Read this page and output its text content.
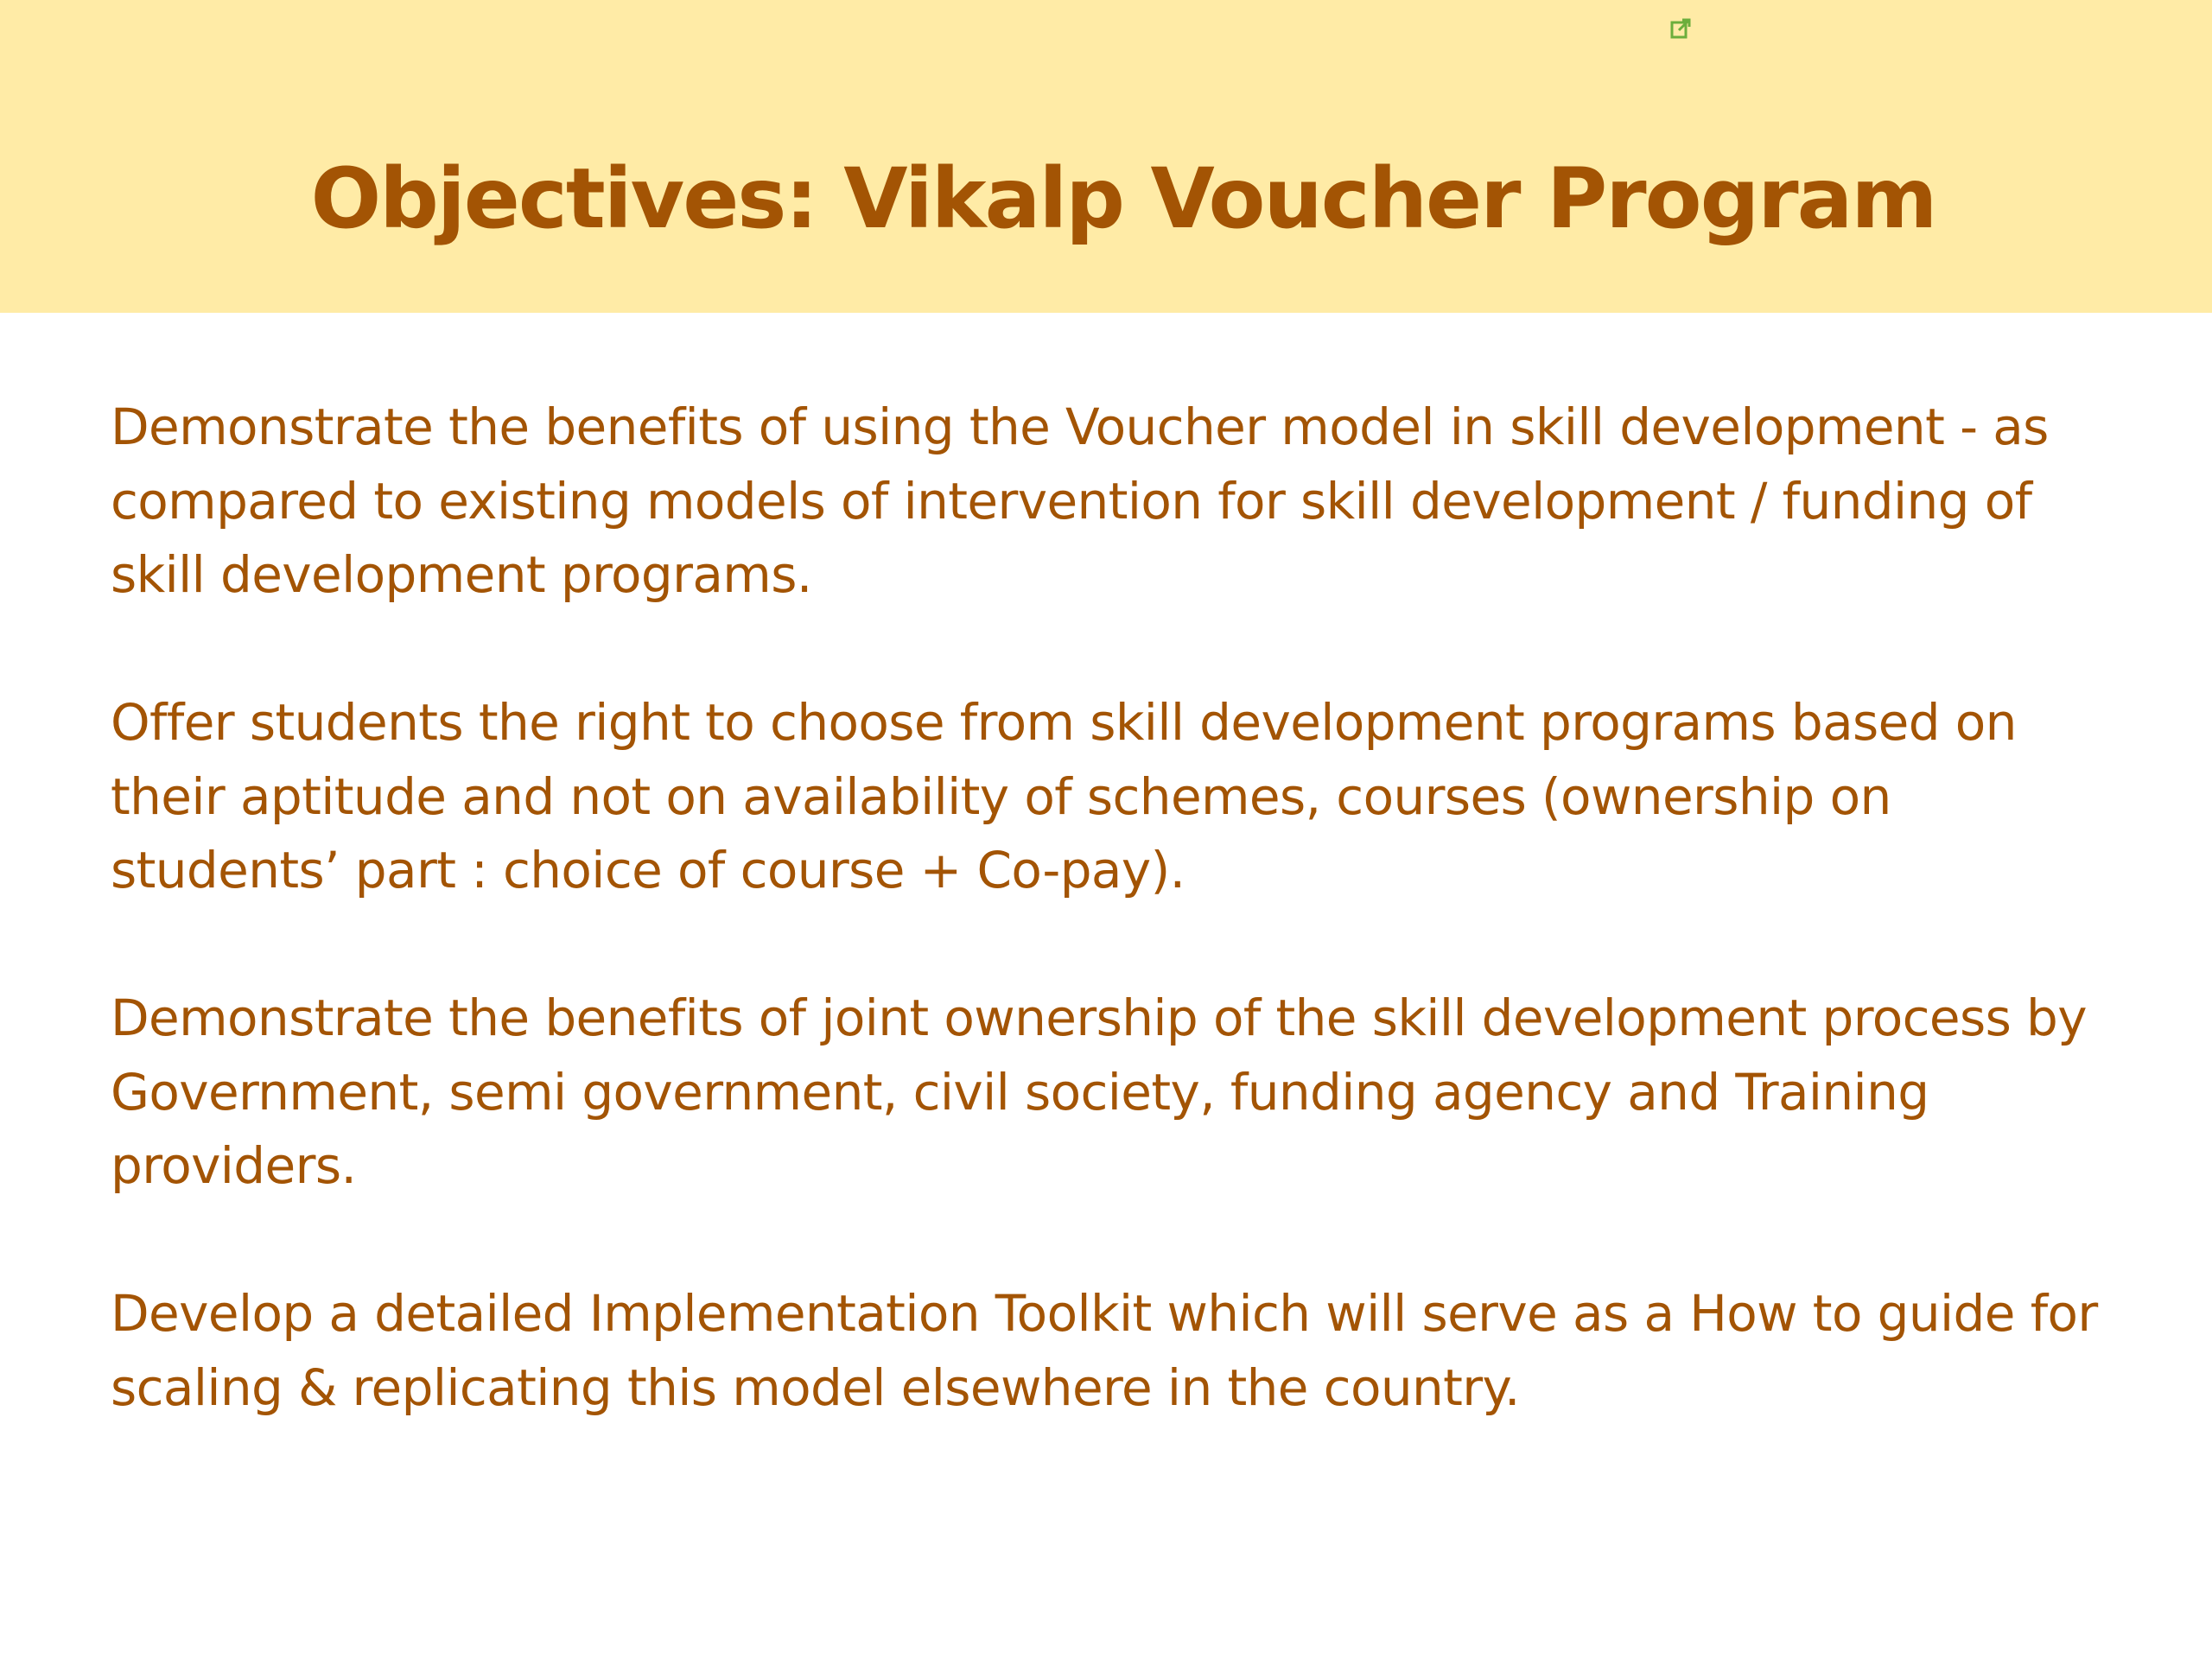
Objectives: Vikalp Voucher Program

Demonstrate the benefits of using the Voucher model in skill development - as
compared to existing models of intervention for skill development / funding of
skill development programs.

Offer students the right to choose from skill development programs based on
their aptitude and not on availability of schemes, courses (ownership on
students’ part : choice of course + Co-pay).

Demonstrate the benefits of joint ownership of the skill development process by
Government, semi government, civil society, funding agency and Training
providers.

Develop a detailed Implementation Toolkit which will serve as a How to guide for
scaling & replicating this model elsewhere in the country.
